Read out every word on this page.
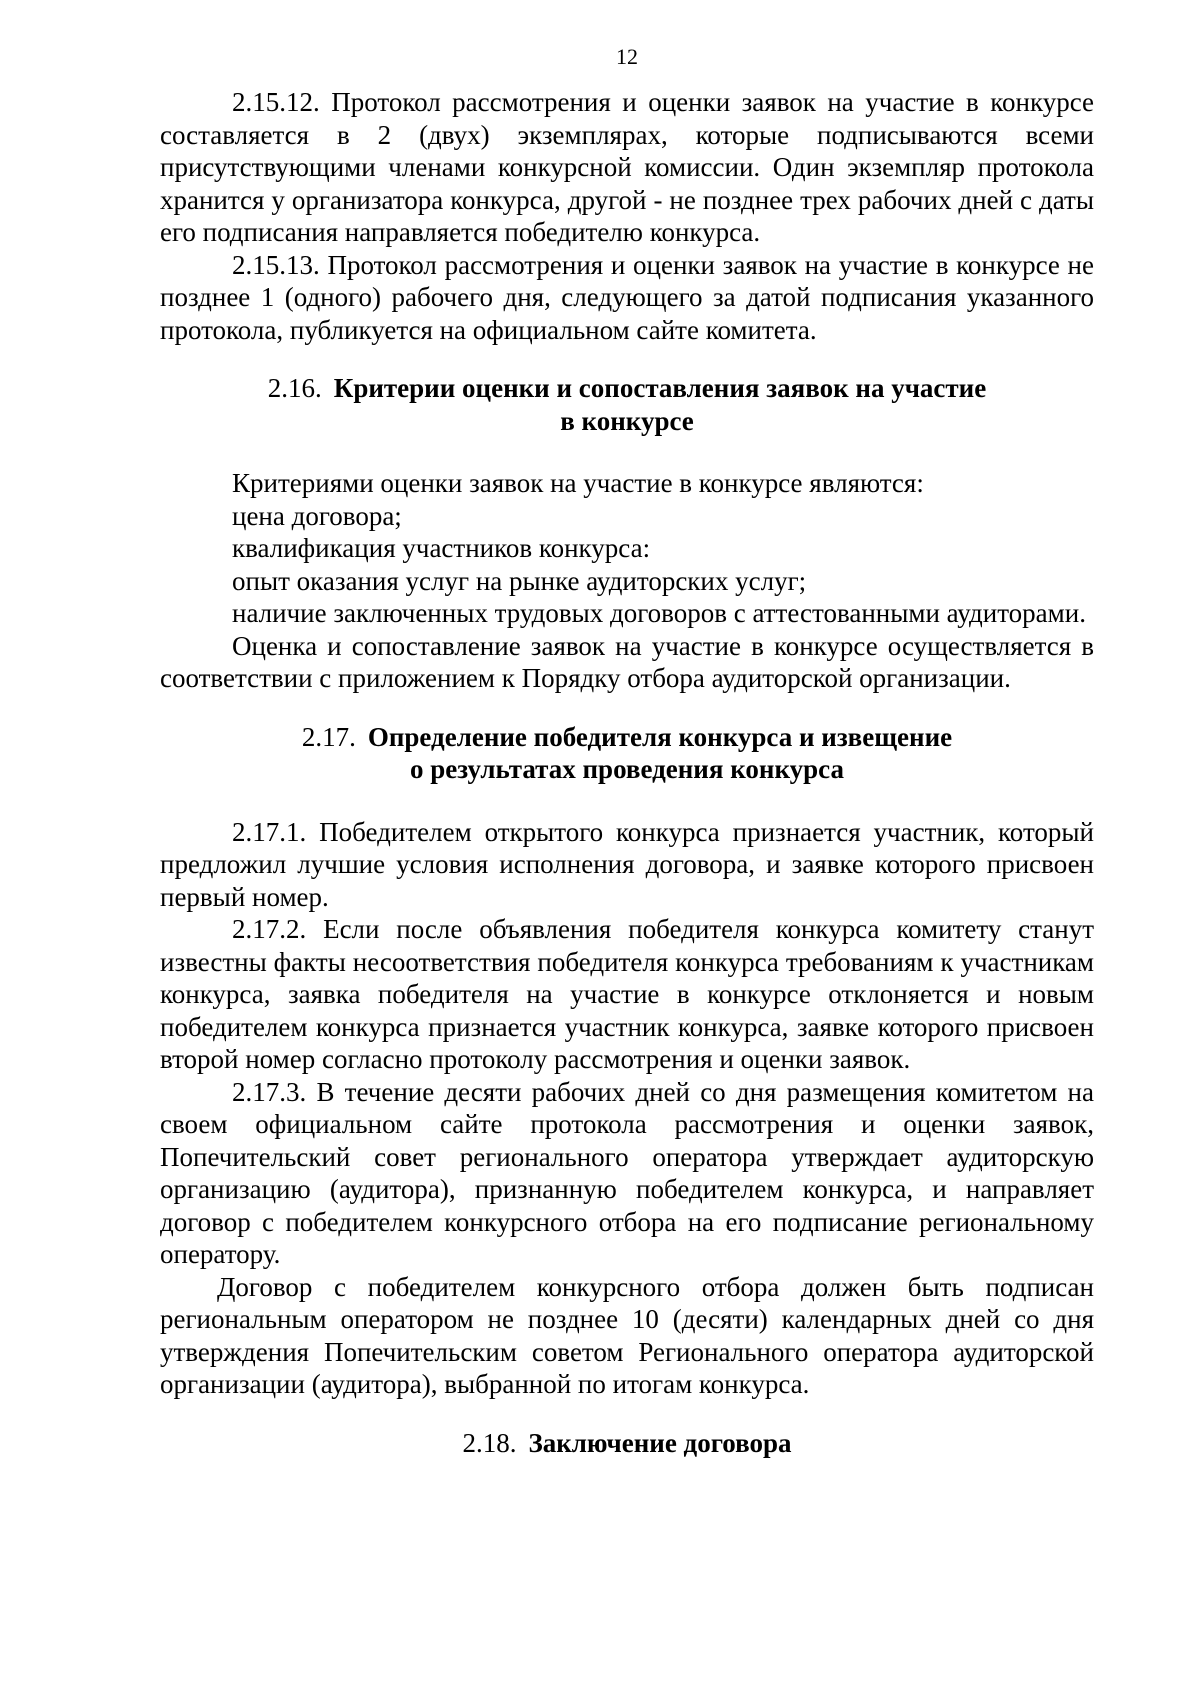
12

2.15.12. Протокол рассмотрения и оценки заявок на участие в конкурсе составляется в 2 (двух) экземплярах, которые подписываются всеми присутствующими членами конкурсной комиссии. Один экземпляр протокола хранится у организатора конкурса, другой - не позднее трех рабочих дней с даты его подписания направляется победителю конкурса.

2.15.13. Протокол рассмотрения и оценки заявок на участие в конкурсе не позднее 1 (одного) рабочего дня, следующего за датой подписания указанного протокола, публикуется на официальном сайте комитета.

2.16. Критерии оценки и сопоставления заявок на участие
в конкурсе

Критериями оценки заявок на участие в конкурсе являются:

цена договора;

квалификация участников конкурса:

опыт оказания услуг на рынке аудиторских услуг;

наличие заключенных трудовых договоров с аттестованными аудиторами.

Оценка и сопоставление заявок на участие в конкурсе осуществляется в соответствии с приложением к Порядку отбора аудиторской организации.

2.17. Определение победителя конкурса и извещение
о результатах проведения конкурса

2.17.1. Победителем открытого конкурса признается участник, который предложил лучшие условия исполнения договора, и заявке которого присвоен первый номер.

2.17.2. Если после объявления победителя конкурса комитету станут известны факты несоответствия победителя конкурса требованиям к участникам конкурса, заявка победителя на участие в конкурсе отклоняется и новым победителем конкурса признается участник конкурса, заявке которого присвоен второй номер согласно протоколу рассмотрения и оценки заявок.

2.17.3. В течение десяти рабочих дней со дня размещения комитетом на своем официальном сайте протокола рассмотрения и оценки заявок, Попечительский совет регионального оператора утверждает аудиторскую организацию (аудитора), признанную победителем конкурса, и направляет договор с победителем конкурсного отбора на его подписание региональному оператору.

Договор с победителем конкурсного отбора должен быть подписан региональным оператором не позднее 10 (десяти) календарных дней со дня утверждения Попечительским советом Регионального оператора аудиторской организации (аудитора), выбранной по итогам конкурса.

2.18. Заключение договора
